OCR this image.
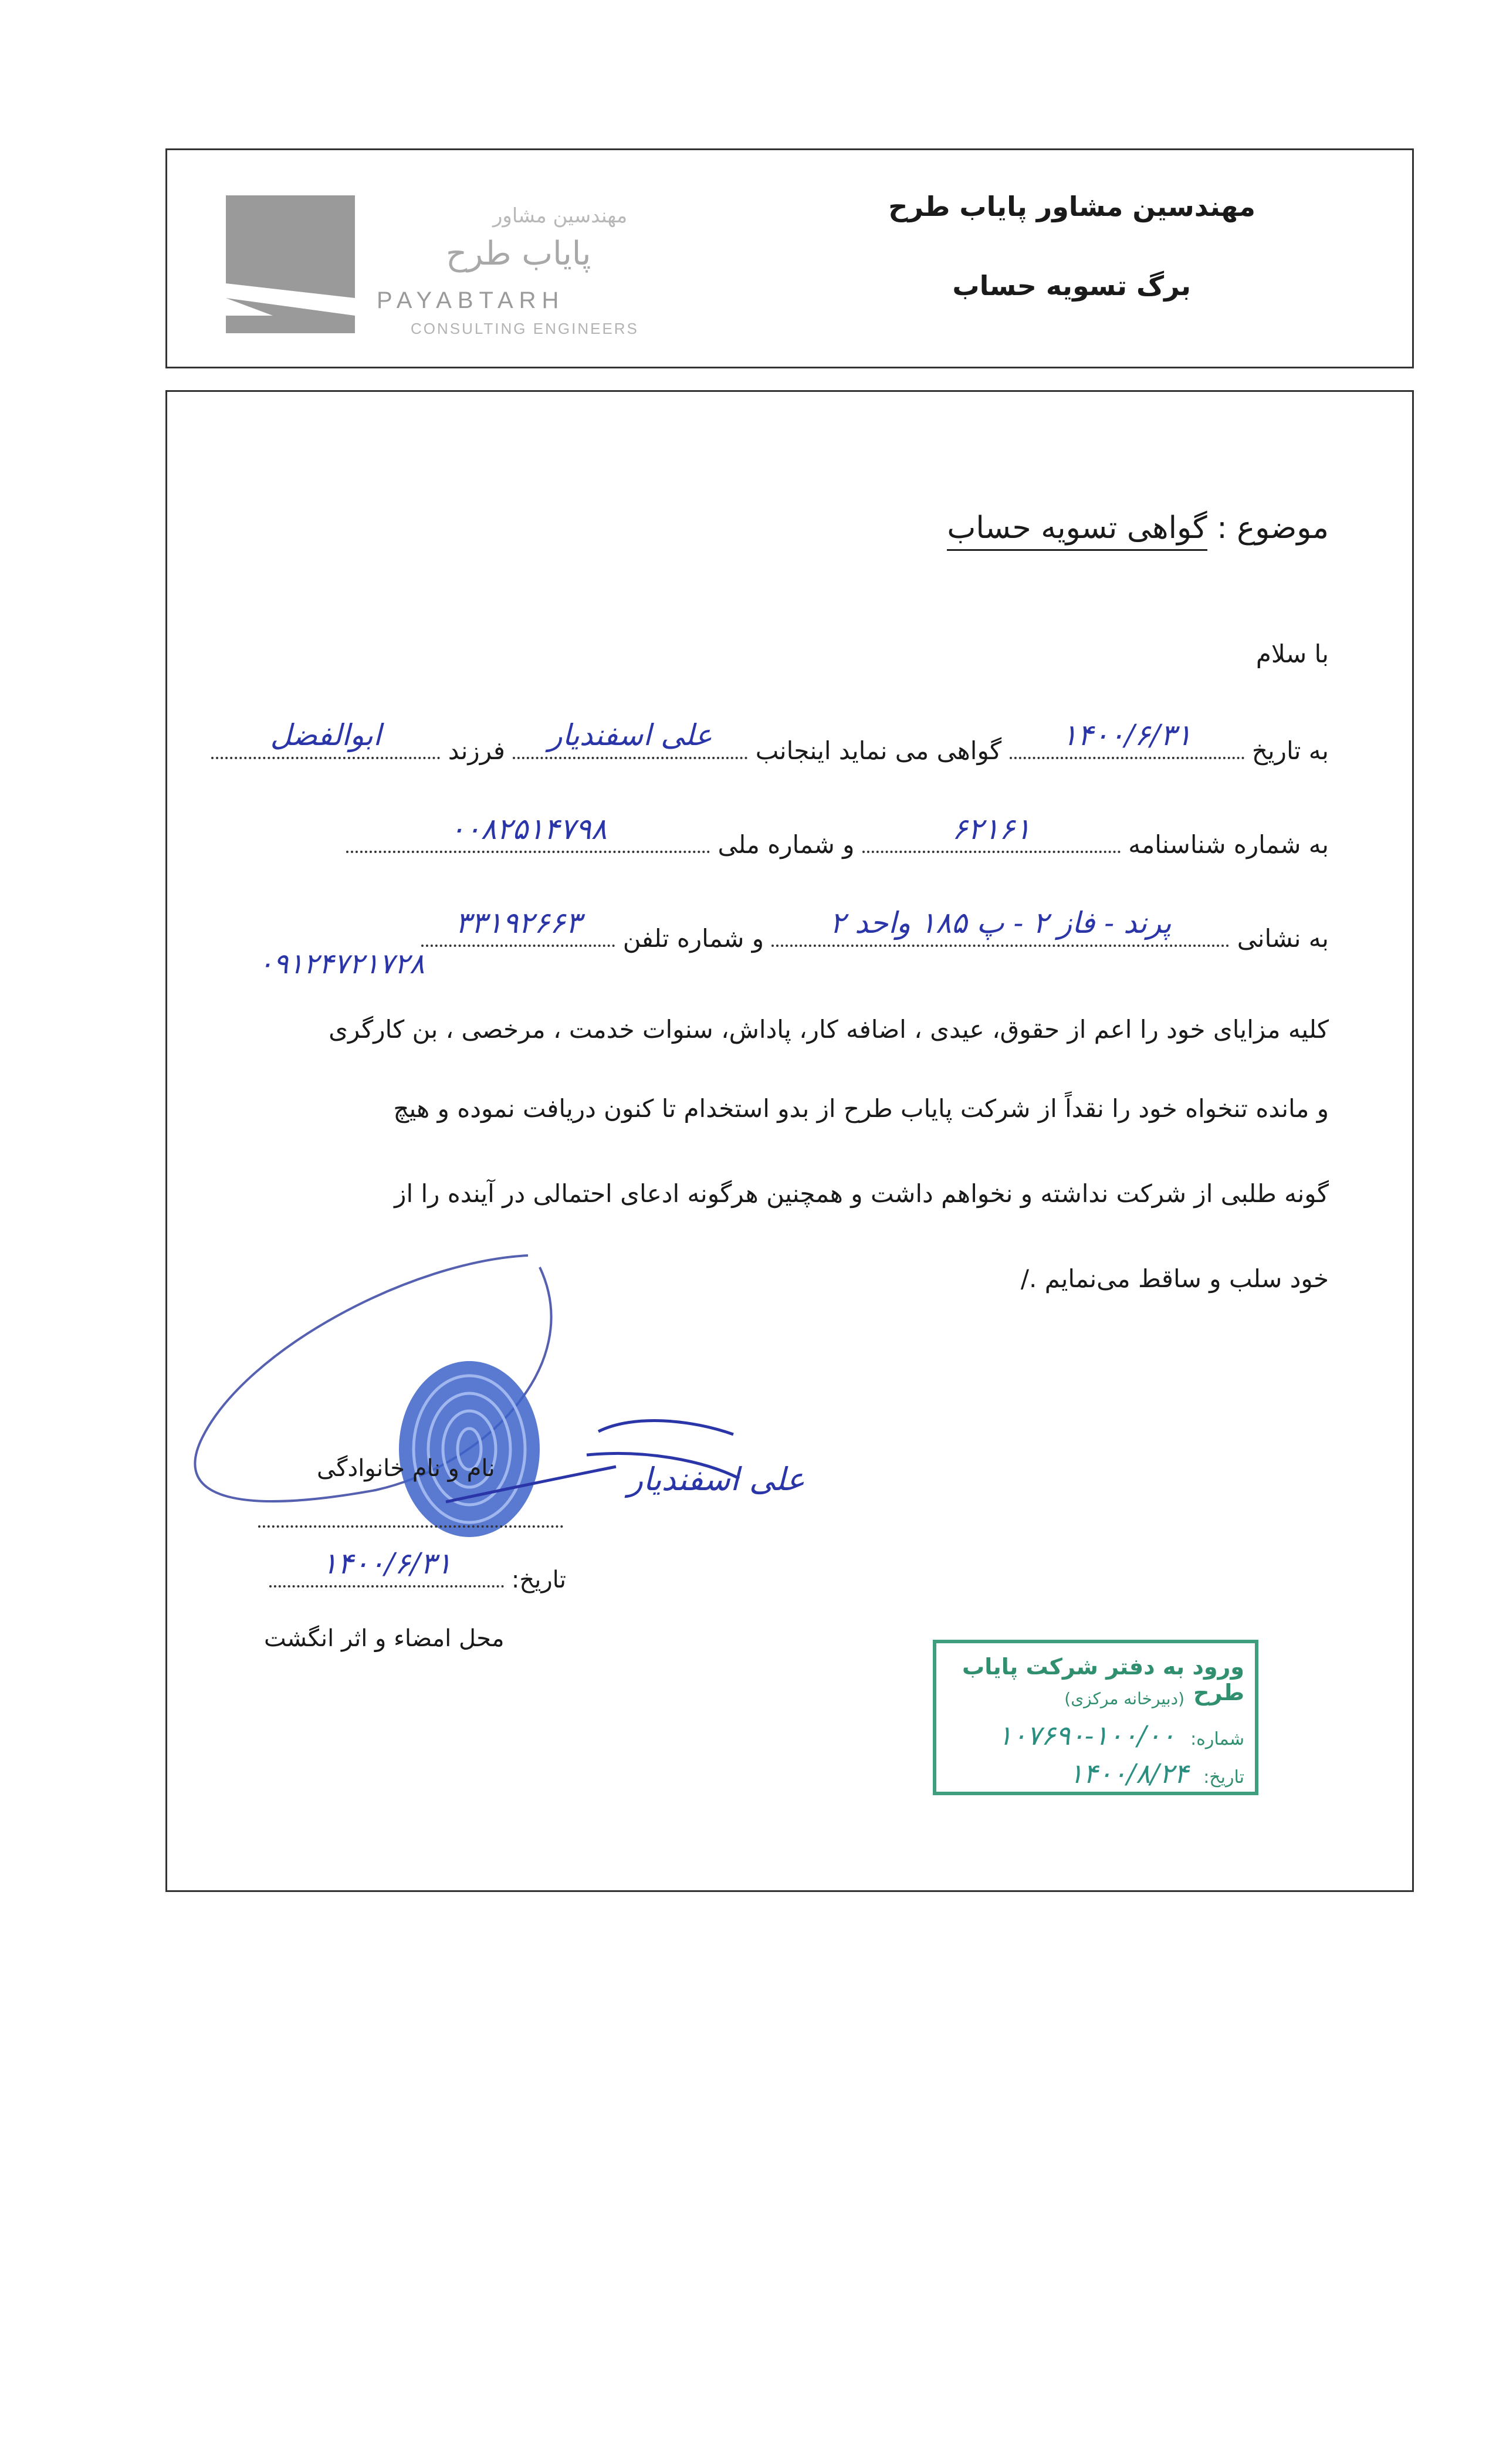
مهندسین مشاور
پایاب طرح
PAYABTARH
CONSULTING ENGINEERS
مهندسین مشاور پایاب طرح
برگ تسویه حساب
موضوع : گواهی تسویه حساب
با سلام
به تاریخ
۱۴۰۰/۶/۳۱
گواهی می نماید اینجانب
علی اسفندیار
فرزند
ابوالفضل
به شماره شناسنامه
۶۲۱۶۱
و شماره ملی
۰۰۸۲۵۱۴۷۹۸
به نشانی
پرند - فاز ۲ - پ ۱۸۵ واحد ۲
و شماره تلفن
۳۳۱۹۲۶۶۳
۰۹۱۲۴۷۲۱۷۲۸
کلیه مزایای خود را اعم از حقوق، عیدی ، اضافه کار، پاداش، سنوات خدمت ، مرخصی ، بن کارگری
و مانده تنخواه خود را نقداً از شرکت پایاب طرح از بدو استخدام تا کنون دریافت نموده و هیچ
گونه طلبی از شرکت نداشته و نخواهم داشت و همچنین هرگونه ادعای احتمالی در آینده را از
خود سلب و ساقط می‌نمایم ./
علی اسفندیار
نام و نام خانوادگی
تاریخ:
۱۴۰۰/۶/۳۱
محل امضاء و اثر انگشت
ورود به دفتر شرکت پایاب طرح
(دبیرخانه مرکزی)
شماره: ۱۰۰/۰۰-۱۰۷۶۹۰
تاریخ: ۱۴۰۰/۸/۲۴
